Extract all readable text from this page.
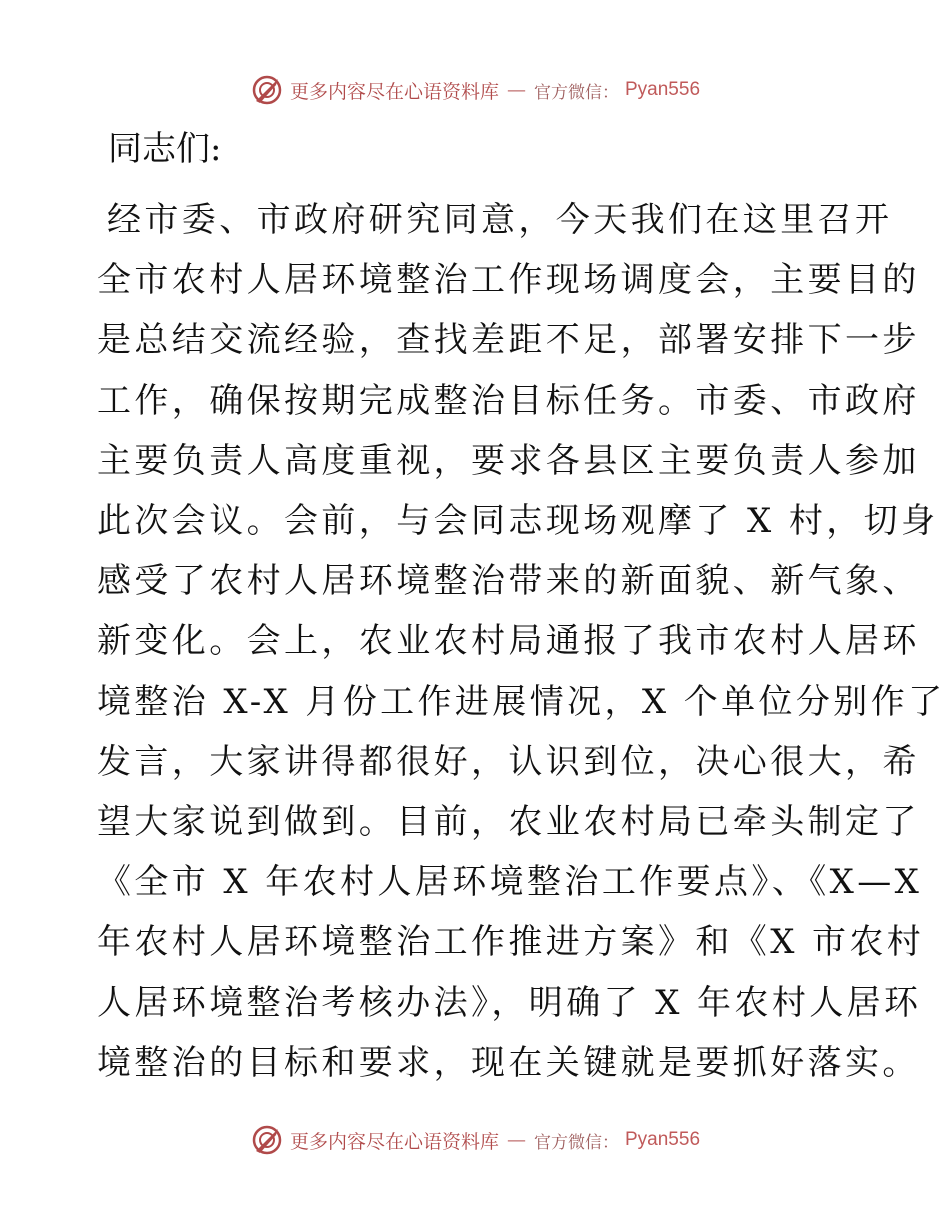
更多内容尽在心语资料库 — 官方微信： Pyan556

同志们:

经市委、市政府研究同意，今天我们在这里召开
全市农村人居环境整治工作现场调度会，主要目的
是总结交流经验，查找差距不足，部署安排下一步
工作，确保按期完成整治目标任务。市委、市政府
主要负责人高度重视，要求各县区主要负责人参加
此次会议。会前，与会同志现场观摩了 X 村，切身
感受了农村人居环境整治带来的新面貌、新气象、
新变化。会上，农业农村局通报了我市农村人居环
境整治 X-X 月份工作进展情况，X 个单位分别作了
发言，大家讲得都很好，认识到位，决心很大，希
望大家说到做到。目前，农业农村局已牵头制定了
《全市 X 年农村人居环境整治工作要点》、《X—X
年农村人居环境整治工作推进方案》和《X 市农村
人居环境整治考核办法》，明确了 X 年农村人居环
境整治的目标和要求，现在关键就是要抓好落实。
更多内容尽在心语资料库 — 官方微信： Pyan556
